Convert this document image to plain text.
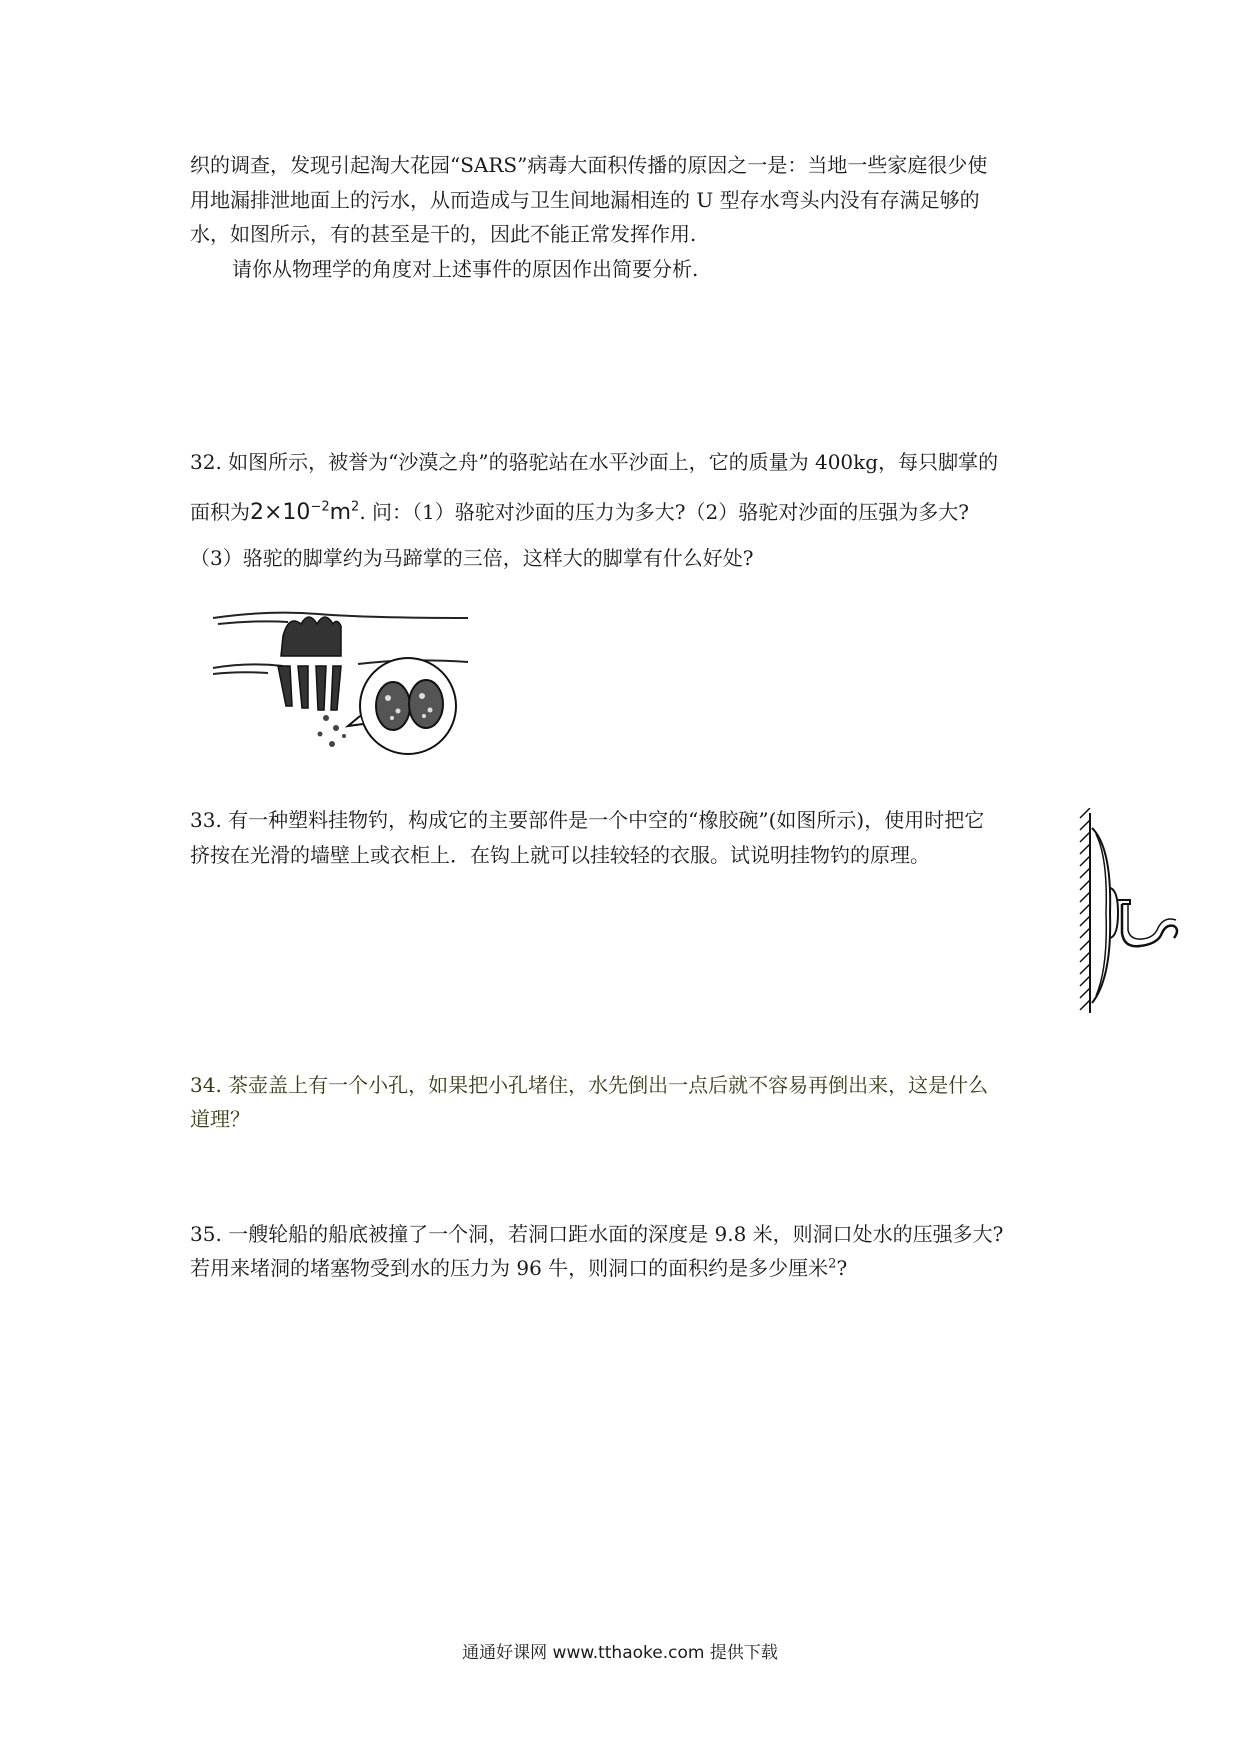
织的调查，发现引起淘大花园“SARS”病毒大面积传播的原因之一是：当地一些家庭很少使
用地漏排泄地面上的污水，从而造成与卫生间地漏相连的 U 型存水弯头内没有存满足够的
水，如图所示，有的甚至是干的，因此不能正常发挥作用.
请你从物理学的角度对上述事件的原因作出简要分析.
32. 如图所示，被誉为“沙漠之舟”的骆驼站在水平沙面上，它的质量为 400kg，每只脚掌的
面积为$2\times 10^{-2}m^2$. 问：（1）骆驼对沙面的压力为多大?（2）骆驼对沙面的压强为多大?
（3）骆驼的脚掌约为马蹄掌的三倍，这样大的脚掌有什么好处?
33. 有一种塑料挂物钓，构成它的主要部件是一个中空的“橡胶碗”(如图所示)，使用时把它
挤按在光滑的墙壁上或衣柜上．在钩上就可以挂较轻的衣服。试说明挂物钓的原理。
34. 茶壶盖上有一个小孔，如果把小孔堵住，水先倒出一点后就不容易再倒出来，这是什么
道理？
35. 一艘轮船的船底被撞了一个洞，若洞口距水面的深度是 9.8 米，则洞口处水的压强多大?
若用来堵洞的堵塞物受到水的压力为 96 牛，则洞口的面积约是多少厘米$^2$?
通通好课网 www.tthaoke.com 提供下载
